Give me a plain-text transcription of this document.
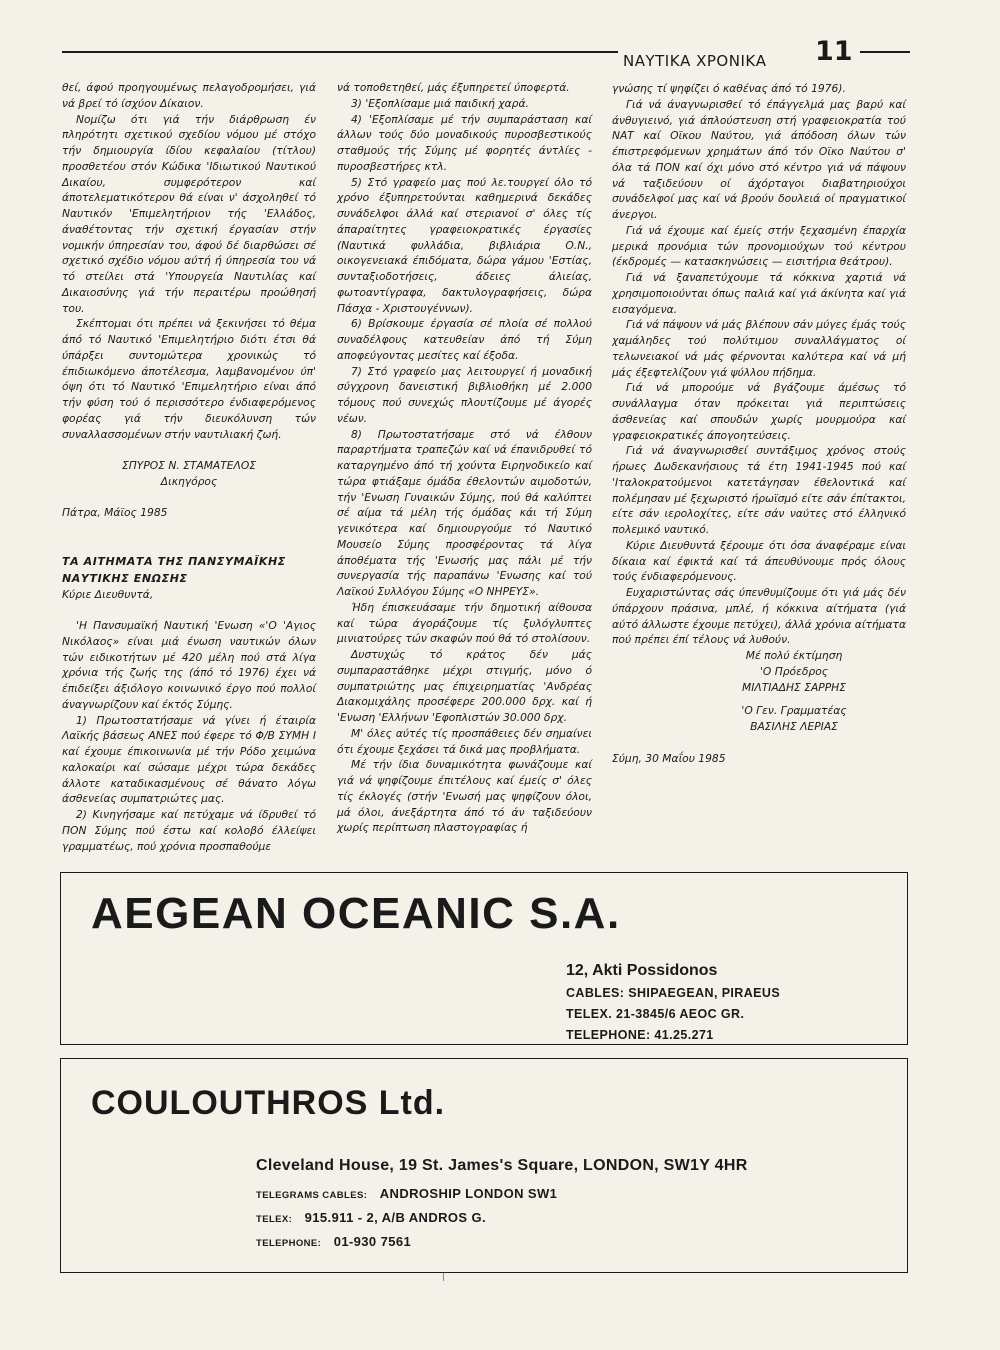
ΝΑΥΤΙΚΑ ΧΡΟΝΙΚΑ 11

θεί, άφού προηγουμένως πελαγοδρομήσει, γιά νά βρεί τό ίσχύον Δίκαιον.

Νομίζω ότι γιά τήν διάρθρωση έν πληρότητι σχετικού σχεδίου νόμου μέ στόχο τήν δημιουργία ίδίου κεφαλαίου (τίτλου) προσθετέου στόν Κώδικα 'Ιδιωτικού Ναυτικού Δικαίου, συμφερότερον καί άποτελεματικότερον θά είναι ν' άσχοληθεί τό Ναυτικόν 'Επιμελητήριον τής 'Ελλάδος, άναθέτοντας τήν σχετική έργασίαν στήν νομικήν ύπηρεσίαν του, άφού δέ διαρθώσει σέ σχετικό σχέδιο νόμου αύτή ή ύπηρεσία του νά τό στείλει στά 'Υπουργεία Ναυτιλίας καί Δικαιοσύνης γιά τήν περαιτέρω προώθησή του.

Σκέπτομαι ότι πρέπει νά ξεκινήσει τό θέμα άπό τό Ναυτικό 'Επιμελητήριο διότι έτσι θά ύπάρξει συντομώτερα χρονικώς τό έπιδιωκόμενο άποτέλεσμα, λαμβανομένου ύπ' όψη ότι τό Ναυτικό 'Επιμελητήριο είναι άπό τήν φύση τού ό περισσότερο ένδιαφερόμενος φορέας γιά τήν διευκόλυνση τών συναλλασσομένων στήν ναυτιλιακή ζωή.

ΣΠΥΡΟΣ Ν. ΣΤΑΜΑΤΕΛΟΣ

Δικηγόρος

Πάτρα, Μάϊος 1985

ΤΑ ΑΙΤΗΜΑΤΑ ΤΗΣ ΠΑΝΣΥΜΑΪΚΗΣ ΝΑΥΤΙΚΗΣ ΕΝΩΣΗΣ

Κύριε Διευθυντά,

'Η Πανσυμαϊκή Ναυτική 'Ενωση «'Ο 'Αγιος Νικόλαος» είναι μιά ένωση ναυτικών όλων τών ειδικοτήτων μέ 420 μέλη πού στά λίγα χρόνια τής ζωής της (άπό τό 1976) έχει νά έπιδείξει άξιόλογο κοινωνικό έργο πού πολλοί άναγνωρίζουν καί έκτός Σύμης.

1) Πρωτοστατήσαμε νά γίνει ή έταιρία Λαϊκής βάσεως ΑΝΕΣ πού έφερε τό Φ/Β ΣΥΜΗ Ι καί έχουμε έπικοινωνία μέ τήν Ρόδο χειμώνα καλοκαίρι καί σώσαμε μέχρι τώρα δεκάδες άλλοτε καταδικασμένους σέ θάνατο λόγω άσθενείας συμπατριώτες μας.

2) Κινηγήσαμε καί πετύχαμε νά ίδρυθεί τό ΠΟΝ Σύμης πού έστω καί κολοβό έλλείψει γραμματέως, πού χρόνια προσπαθούμε

νά τοποθετηθεί, μάς έξυπηρετεί ύποφερτά.

3) 'Εξοπλίσαμε μιά παιδική χαρά.

4) 'Εξοπλίσαμε μέ τήν συμπαράσταση καί άλλων τούς δύο μοναδικούς πυροσβεστικούς σταθμούς τής Σύμης μέ φορητές άντλίες - πυροσβεστήρες κτλ.

5) Στό γραφείο μας πού λε.τουργεί όλο τό χρόνο έξυπηρετούνται καθημερινά δεκάδες συνάδελφοι άλλά καί στεριανοί σ' όλες τίς άπαραίτητες γραφειοκρατικές έργασίες (Ναυτικά φυλλάδια, βιβλιάρια Ο.Ν., οικογενειακά έπιδόματα, δώρα γάμου 'Εστίας, συνταξιοδοτήσεις, άδειες άλιείας, φωτοαντίγραφα, δακτυλογραφήσεις, δώρα Πάσχα - Χριστουγέννων).

6) Βρίσκουμε έργασία σέ πλοία σέ πολλού συναδέλφους κατευθείαν άπό τή Σύμη αποφεύγοντας μεσίτες καί έξοδα.

7) Στό γραφείο μας λειτουργεί ή μοναδική σύγχρονη δανειστική βιβλιοθήκη μέ 2.000 τόμους πού συνεχώς πλουτίζουμε μέ άγορές νέων.

8) Πρωτοστατήσαμε στό νά έλθουν παραρτήματα τραπεζών καί νά έπανιδρυθεί τό καταργημένο άπό τή χούντα Ειρηνοδικείο καί τώρα φτιάξαμε όμάδα έθελοντών αιμοδοτών, τήν 'Ενωση Γυναικών Σύμης, πού θά καλύπτει σέ αίμα τά μέλη τής όμάδας κάι τή Σύμη γενικότερα καί δημιουργούμε τό Ναυτικό Μουσείο Σύμης προσφέροντας τά λίγα άποθέματα τής 'Ενωσής μας πάλι μέ τήν συνεργασία τής παραπάνω 'Ενωσης καί τού Λαϊκού Συλλόγου Σύμης «Ο ΝΗΡΕΥΣ».

Ήδη έπισκευάσαμε τήν δημοτική αίθουσα καί τώρα άγοράζουμε τίς ξυλόγλυπτες μινιατούρες τών σκαφών πού θά τό στολίσουν.

Δυστυχώς τό κράτος δέν μάς συμπαραστάθηκε μέχρι στιγμής, μόνο ό συμπατριώτης μας έπιχειρηματίας 'Ανδρέας Διακομιχάλης προσέφερε 200.000 δρχ. καί ή 'Ενωση 'Ελλήνων 'Εφοπλιστών 30.000 δρχ.

Μ' όλες αύτές τίς προσπάθειες δέν σημαίνει ότι έχουμε ξεχάσει τά δικά μας προβλήματα.

Μέ τήν ίδια δυναμικότητα φωνάζουμε καί γιά νά ψηφίζουμε έπιτέλους καί έμείς σ' όλες τίς έκλογές (στήν 'Ενωσή μας ψηφίζουν όλοι, μά όλοι, άνεξάρτητα άπό τό άν ταξιδεύουν χωρίς περίπτωση πλαστογραφίας ή

γνώσης τί ψηφίζει ό καθένας άπό τό 1976).

Γιά νά άναγνωρισθεί τό έπάγγελμά μας βαρύ καί άνθυγιεινό, γιά άπλούστευση στή γραφειοκρατία τού ΝΑΤ καί Οϊκου Ναύτου, γιά άπόδοση όλων τών έπιστρεφόμενων χρημάτων άπό τόν Οϊκο Ναύτου σ' όλα τά ΠΟΝ καί όχι μόνο στό κέντρο γιά νά πάψουν νά ταξιδεύουν οί άχόρταγοι διαβατηριούχοι συνάδελφοί μας καί νά βρούν δουλειά οί πραγματικοί άνεργοι.

Γιά νά έχουμε καί έμείς στήν ξεχασμένη έπαρχία μερικά προνόμια τών προνομιούχων τού κέντρου (έκδρομές — κατασκηνώσεις — εισιτήρια θεάτρου).

Γιά νά ξαναπετύχουμε τά κόκκινα χαρτιά νά χρησιμοποιούνται όπως παλιά καί γιά άκίνητα καί γιά εισαγόμενα.

Γιά νά πάψουν νά μάς βλέπουν σάν μύγες έμάς τούς χαμάληδες τού πολύτιμου συναλλάγματος οί τελωνειακοί νά μάς φέρνονται καλύτερα καί νά μή μάς έξεφτελίζουν γιά ψύλλου πήδημα.

Γιά νά μπορούμε νά βγάζουμε άμέσως τό συνάλλαγμα όταν πρόκειται γιά περιπτώσεις άσθενείας καί σπουδών χωρίς μουρμούρα καί γραφειοκρατικές άπογοητεύσεις.

Γιά νά άναγνωρισθεί συντάξιμος χρόνος στούς ήρωες Δωδεκανήσιους τά έτη 1941-1945 πού καί 'Ιταλοκρατούμενοι κατετάγησαν έθελοντικά καί πολέμησαν μέ ξεχωριστό ήρωϊσμό είτε σάν έπίτακτοι, είτε σάν ιερολοχίτες, είτε σάν ναύτες στό έλληνικό πολεμικό ναυτικό.

Κύριε Διευθυντά ξέρουμε ότι όσα άναφέραμε είναι δίκαια καί έφικτά καί τά άπευθύνουμε πρός όλους τούς ένδιαφερόμενους.

Ευχαριστώντας σάς ύπενθυμίζουμε ότι γιά μάς δέν ύπάρχουν πράσινα, μπλέ, ή κόκκινα αίτήματα (γιά αύτό άλλωστε έχουμε πετύχει), άλλά χρόνια αίτήματα πού πρέπει έπί τέλους νά λυθούν.

Μέ πολύ έκτίμηση

'Ο Πρόεδρος

ΜΙΛΤΙΑΔΗΣ ΣΑΡΡΗΣ

'Ο Γεν. Γραμματέας

ΒΑΣΙΛΗΣ ΛΕΡΙΑΣ

Σύμη, 30 Μαΐου 1985

AEGEAN OCEANIC S.A.
12, Akti Possidonos
CABLES: SHIPAEGEAN, PIRAEUS
TELEX. 21-3845/6 AEOC GR.
TELEPHONE: 41.25.271
COULOUTHROS Ltd.
Cleveland House, 19 St. James's Square, LONDON, SW1Y 4HR
TELEGRAMS CABLES: ANDROSHIP LONDON SW1
TELEX: 915.911 - 2, A/B ANDROS G.
TELEPHONE: 01-930 7561
